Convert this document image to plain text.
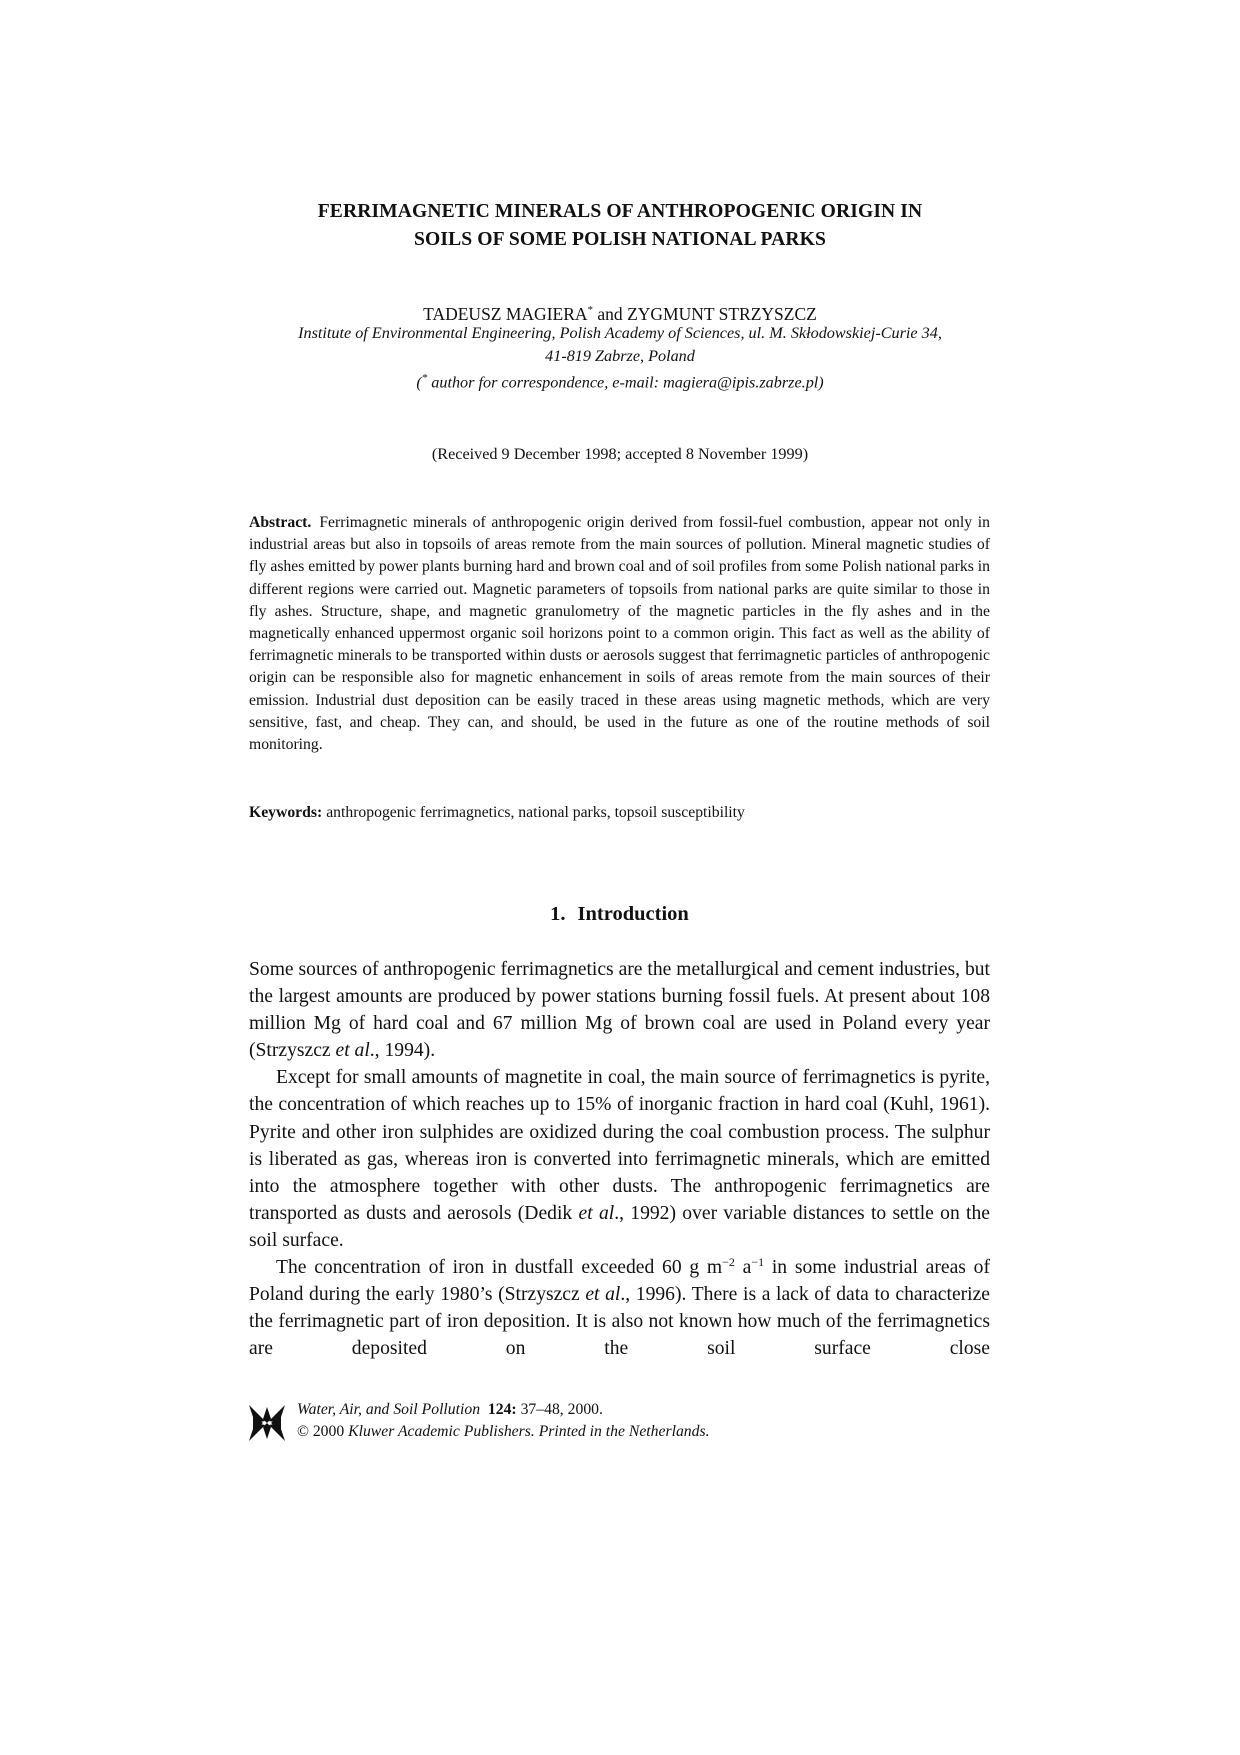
FERRIMAGNETIC MINERALS OF ANTHROPOGENIC ORIGIN IN
SOILS OF SOME POLISH NATIONAL PARKS
TADEUSZ MAGIERA* and ZYGMUNT STRZYSZCZ
Institute of Environmental Engineering, Polish Academy of Sciences, ul. M. Skłodowskiej-Curie 34,
41-819 Zabrze, Poland
(* author for correspondence, e-mail: magiera@ipis.zabrze.pl)
(Received 9 December 1998; accepted 8 November 1999)
Abstract. Ferrimagnetic minerals of anthropogenic origin derived from fossil-fuel combustion, appear not only in industrial areas but also in topsoils of areas remote from the main sources of pollution. Mineral magnetic studies of fly ashes emitted by power plants burning hard and brown coal and of soil profiles from some Polish national parks in different regions were carried out. Magnetic parameters of topsoils from national parks are quite similar to those in fly ashes. Structure, shape, and magnetic granulometry of the magnetic particles in the fly ashes and in the magnetically enhanced uppermost organic soil horizons point to a common origin. This fact as well as the ability of ferrimagnetic minerals to be transported within dusts or aerosols suggest that ferrimagnetic particles of anthropogenic origin can be responsible also for magnetic enhancement in soils of areas remote from the main sources of their emission. Industrial dust deposition can be easily traced in these areas using magnetic methods, which are very sensitive, fast, and cheap. They can, and should, be used in the future as one of the routine methods of soil monitoring.
Keywords: anthropogenic ferrimagnetics, national parks, topsoil susceptibility
1. Introduction

Some sources of anthropogenic ferrimagnetics are the metallurgical and cement industries, but the largest amounts are produced by power stations burning fossil fuels. At present about 108 million Mg of hard coal and 67 million Mg of brown coal are used in Poland every year (Strzyszcz et al., 1994).

Except for small amounts of magnetite in coal, the main source of ferrimagnetics is pyrite, the concentration of which reaches up to 15% of inorganic fraction in hard coal (Kuhl, 1961). Pyrite and other iron sulphides are oxidized during the coal combustion process. The sulphur is liberated as gas, whereas iron is converted into ferrimagnetic minerals, which are emitted into the atmosphere together with other dusts. The anthropogenic ferrimagnetics are transported as dusts and aerosols (Dedik et al., 1992) over variable distances to settle on the soil surface.

The concentration of iron in dustfall exceeded 60 g $m^{-2}$ $a^{-1}$ in some industrial areas of Poland during the early 1980’s (Strzyszcz et al., 1996). There is a lack of data to characterize the ferrimagnetic part of iron deposition. It is also not known how much of the ferrimagnetics are deposited on the soil surface close

Water, Air, and Soil Pollution 124: 37–48, 2000.
© 2000 Kluwer Academic Publishers. Printed in the Netherlands.
